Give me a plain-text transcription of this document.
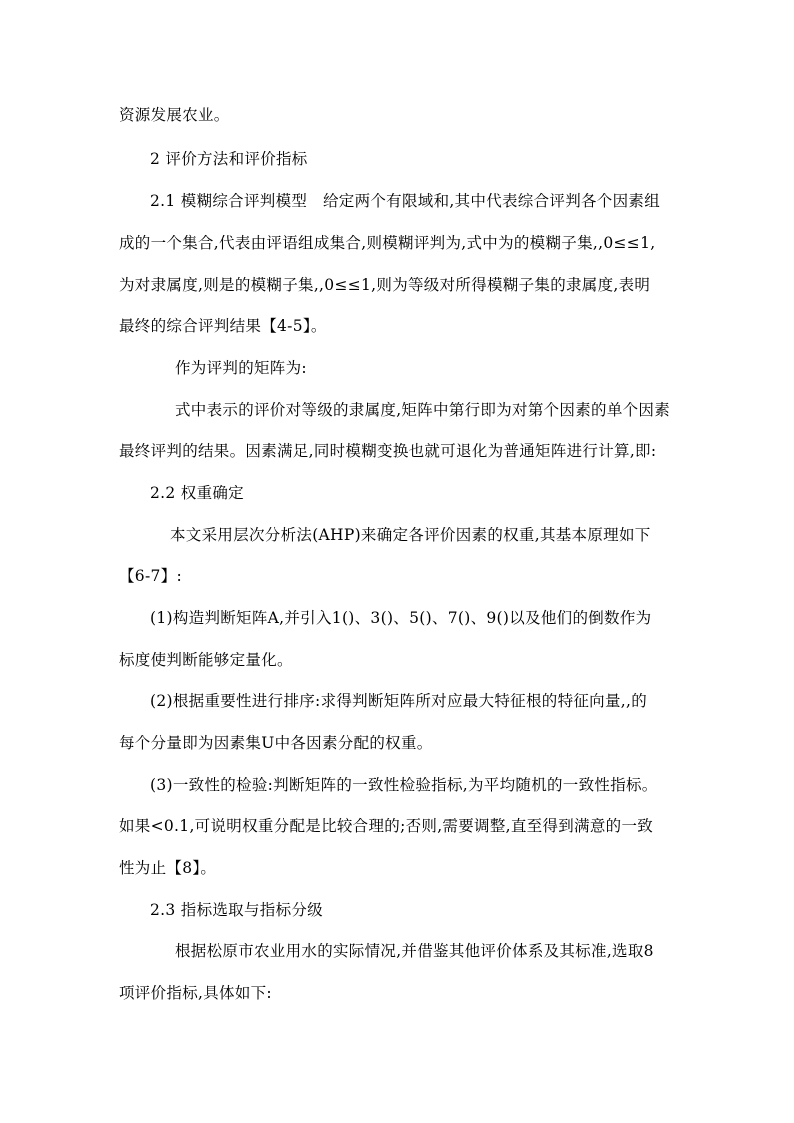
资源发展农业。

2 评价方法和评价指标

2.1 模糊综合评判模型　给定两个有限域和,其中代表综合评判各个因素组

成的一个集合,代表由评语组成集合,则模糊评判为,式中为的模糊子集,,0≤≤1,

为对隶属度,则是的模糊子集,,0≤≤1,则为等级对所得模糊子集的隶属度,表明

最终的综合评判结果【4-5】。

作为评判的矩阵为:

式中表示的评价对等级的隶属度,矩阵中第行即为对第个因素的单个因素

最终评判的结果。因素满足,同时模糊变换也就可退化为普通矩阵进行计算,即:

2.2 权重确定

本文采用层次分析法(AHP)来确定各评价因素的权重,其基本原理如下

【6-7】:

(1)构造判断矩阵A,并引入1()、3()、5()、7()、9()以及他们的倒数作为

标度使判断能够定量化。

(2)根据重要性进行排序:求得判断矩阵所对应最大特征根的特征向量,,的

每个分量即为因素集U中各因素分配的权重。

(3)一致性的检验:判断矩阵的一致性检验指标,为平均随机的一致性指标。

如果<0.1,可说明权重分配是比较合理的;否则,需要调整,直至得到满意的一致

性为止【8】。

2.3 指标选取与指标分级

根据松原市农业用水的实际情况,并借鉴其他评价体系及其标准,选取8

项评价指标,具体如下:
